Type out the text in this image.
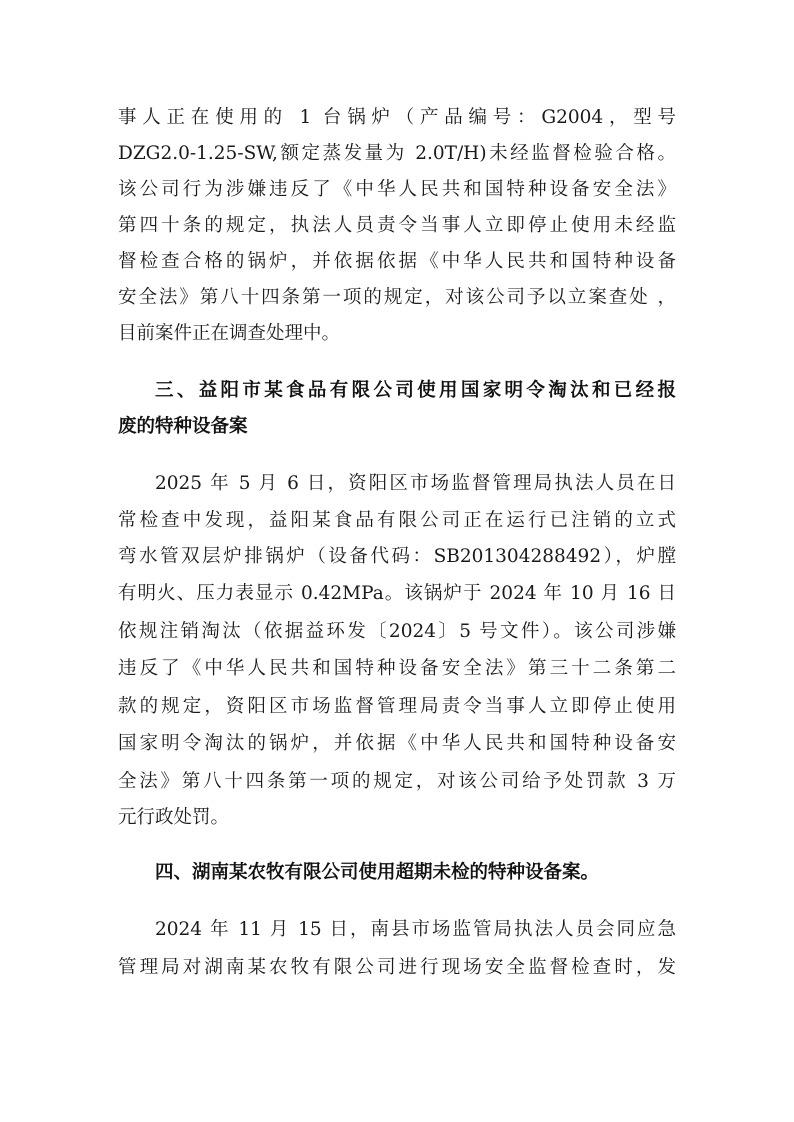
事人正在使用的 1 台锅炉（产品编号：G2004，型号
DZG2.0-1.25-SW,额定蒸发量为 2.0T/H)未经监督检验合格。
该公司行为涉嫌违反了《中华人民共和国特种设备安全法》
第四十条的规定，执法人员责令当事人立即停止使用未经监
督检查合格的锅炉，并依据依据《中华人民共和国特种设备
安全法》第八十四条第一项的规定，对该公司予以立案查处 ，
目前案件正在调查处理中。
三、益阳市某食品有限公司使用国家明令淘汰和已经报
废的特种设备案
2025 年 5 月 6 日，资阳区市场监督管理局执法人员在日
常检查中发现，益阳某食品有限公司正在运行已注销的立式
弯水管双层炉排锅炉（设备代码：SB201304288492），炉膛
有明火、压力表显示 0.42MPa。该锅炉于 2024 年 10 月 16 日
依规注销淘汰（依据益环发〔2024〕5 号文件）。该公司涉嫌
违反了《中华人民共和国特种设备安全法》第三十二条第二
款的规定，资阳区市场监督管理局责令当事人立即停止使用
国家明令淘汰的锅炉，并依据《中华人民共和国特种设备安
全法》第八十四条第一项的规定，对该公司给予处罚款 3 万
元行政处罚。
四、湖南某农牧有限公司使用超期未检的特种设备案。
2024 年 11 月 15 日，南县市场监管局执法人员会同应急
管理局对湖南某农牧有限公司进行现场安全监督检查时，发
